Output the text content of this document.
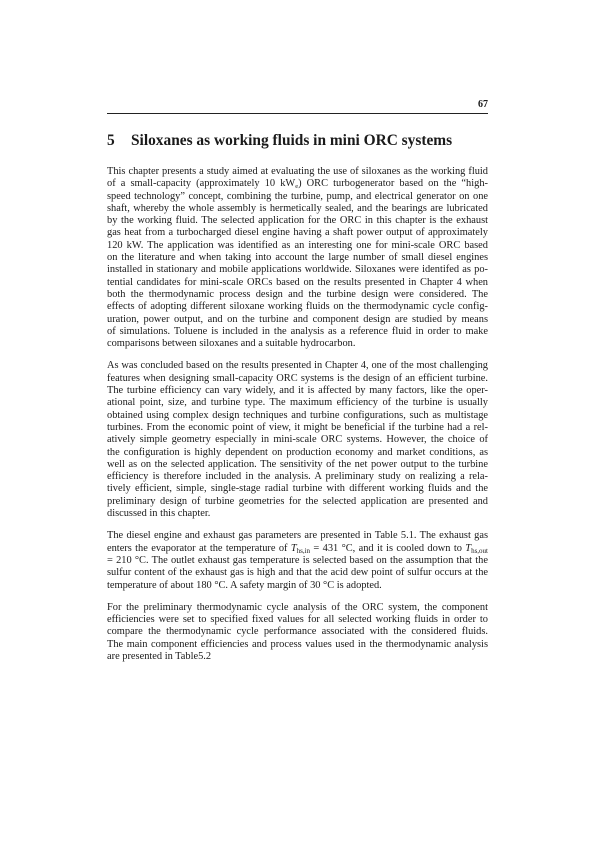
67
5 Siloxanes as working fluids in mini ORC systems

This chapter presents a study aimed at evaluating the use of siloxanes as the working fluid
of a small-capacity (approximately 10 $kW_e$) ORC turbogenerator based on the “high-
speed technology” concept, combining the turbine, pump, and electrical generator on one
shaft, whereby the whole assembly is hermetically sealed, and the bearings are lubricated
by the working fluid. The selected application for the ORC in this chapter is the exhaust
gas heat from a turbocharged diesel engine having a shaft power output of approximately
120 kW. The application was identified as an interesting one for mini-scale ORC based
on the literature and when taking into account the large number of small diesel engines
installed in stationary and mobile applications worldwide. Siloxanes were identifed as po-
tential candidates for mini-scale ORCs based on the results presented in Chapter 4 when
both the thermodynamic process design and the turbine design were considered. The
effects of adopting different siloxane working fluids on the thermodynamic cycle config-
uration, power output, and on the turbine and component design are studied by means
of simulations. Toluene is included in the analysis as a reference fluid in order to make
comparisons between siloxanes and a suitable hydrocarbon.

As was concluded based on the results presented in Chapter 4, one of the most challenging
features when designing small-capacity ORC systems is the design of an efficient turbine.
The turbine efficiency can vary widely, and it is affected by many factors, like the oper-
ational point, size, and turbine type. The maximum efficiency of the turbine is usually
obtained using complex design techniques and turbine configurations, such as multistage
turbines. From the economic point of view, it might be beneficial if the turbine had a rel-
atively simple geometry especially in mini-scale ORC systems. However, the choice of
the configuration is highly dependent on production economy and market conditions, as
well as on the selected application. The sensitivity of the net power output to the turbine
efficiency is therefore included in the analysis. A preliminary study on realizing a rela-
tively efficient, simple, single-stage radial turbine with different working fluids and the
preliminary design of turbine geometries for the selected application are presented and
discussed in this chapter.

The diesel engine and exhaust gas parameters are presented in Table 5.1. The exhaust gas
enters the evaporator at the temperature of $T_{hs,in} = 431$ °C, and it is cooled down to $T_{hs,out}$
= 210 °C. The outlet exhaust gas temperature is selected based on the assumption that the
sulfur content of the exhaust gas is high and that the acid dew point of sulfur occurs at the
temperature of about 180 °C. A safety margin of 30 °C is adopted.

For the preliminary thermodynamic cycle analysis of the ORC system, the component
efficiencies were set to specified fixed values for all selected working fluids in order to
compare the thermodynamic cycle performance associated with the considered fluids.
The main component efficiencies and process values used in the thermodynamic analysis
are presented in Table5.2
